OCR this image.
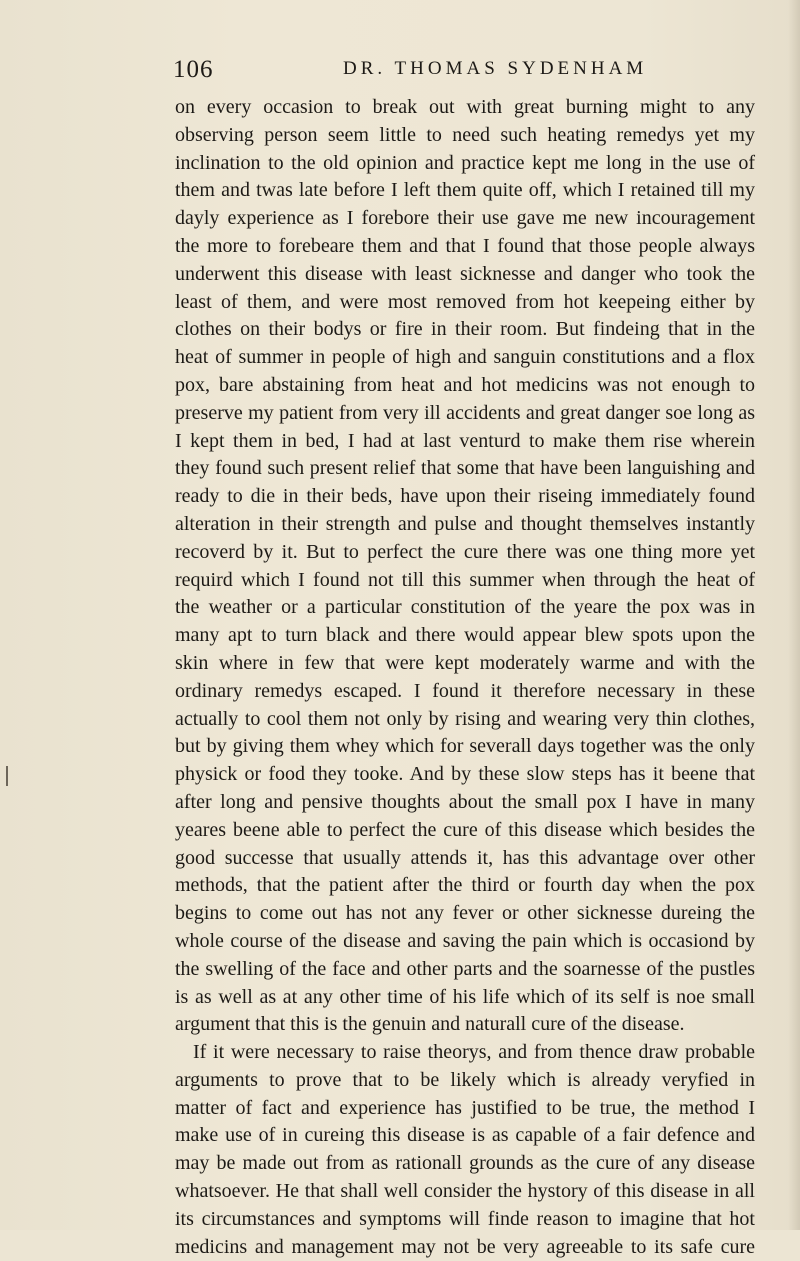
106	DR. THOMAS SYDENHAM
on every occasion to break out with great burning might to any
observing person seem little to need such heating remedys yet my
inclination to the old opinion and practice kept me long in the use of
them and twas late before I left them quite off, which I retained till my
dayly experience as I forebore their use gave me new incouragement
the more to forebeare them and that I found that those people always
underwent this disease with least sicknesse and danger who took the
least of them, and were most removed from hot keepeing either by
clothes on their bodys or fire in their room. But findeing that in the
heat of summer in people of high and sanguin constitutions and a flox
pox, bare abstaining from heat and hot medicins was not enough to
preserve my patient from very ill accidents and great danger soe long as
I kept them in bed, I had at last venturd to make them rise wherein
they found such present relief that some that have been languishing and
ready to die in their beds, have upon their riseing immediately found
alteration in their strength and pulse and thought themselves instantly
recoverd by it. But to perfect the cure there was one thing more yet
requird which I found not till this summer when through the heat of
the weather or a particular constitution of the yeare the pox was in
many apt to turn black and there would appear blew spots upon the
skin where in few that were kept moderately warme and with the
ordinary remedys escaped. I found it therefore necessary in these
actually to cool them not only by rising and wearing very thin clothes,
but by giving them whey which for severall days together was the only
physick or food they tooke. And by these slow steps has it beene that
after long and pensive thoughts about the small pox I have in many
yeares beene able to perfect the cure of this disease which besides the
good successe that usually attends it, has this advantage over other
methods, that the patient after the third or fourth day when the pox
begins to come out has not any fever or other sicknesse dureing the
whole course of the disease and saving the pain which is occasiond by
the swelling of the face and other parts and the soarnesse of the pustles
is as well as at any other time of his life which of its self is noe small
argument that this is the genuin and naturall cure of the disease.
If it were necessary to raise theorys, and from thence draw probable
arguments to prove that to be likely which is already veryfied in
matter of fact and experience has justified to be true, the method I
make use of in cureing this disease is as capable of a fair defence and
may be made out from as rationall grounds as the cure of any disease
whatsoever. He that shall well consider the hystory of this disease in all
its circumstances and symptoms will finde reason to imagine that hot
medicins and management may not be very agreeable to its safe cure
